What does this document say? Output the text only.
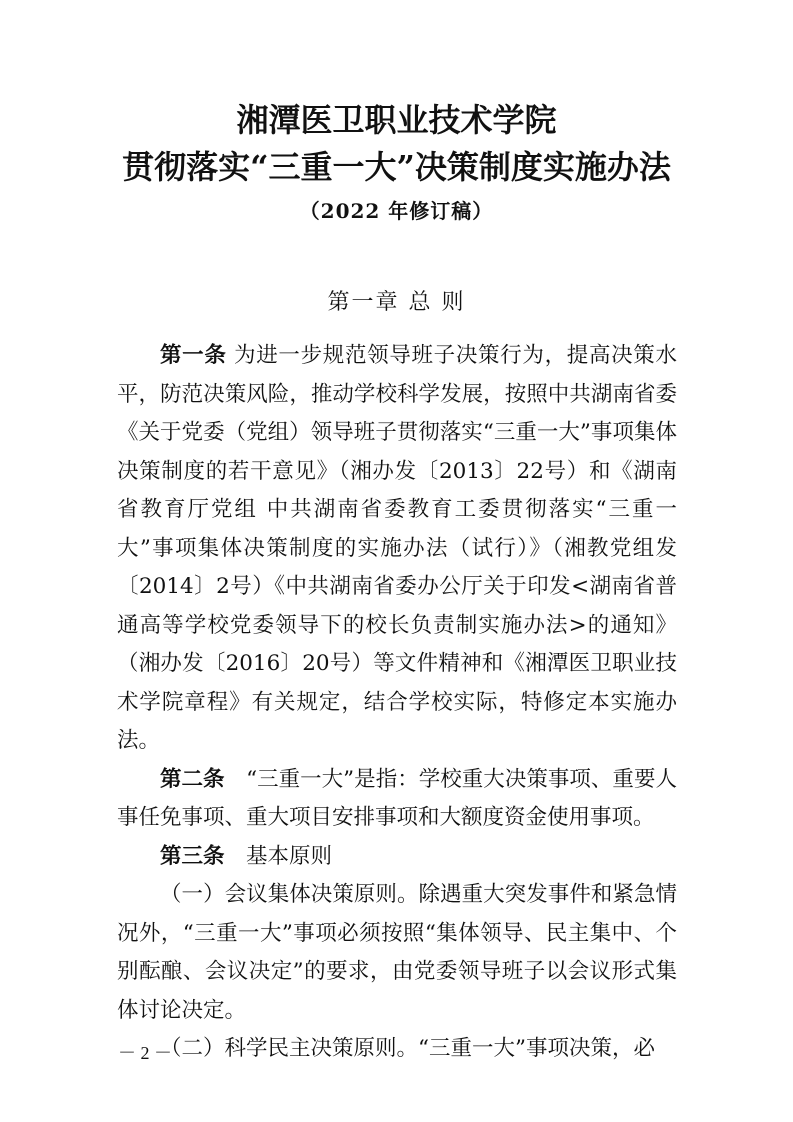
湘潭医卫职业技术学院
贯彻落实“三重一大”决策制度实施办法
（2022 年修订稿）
第一章 总 则

第一条 为进一步规范领导班子决策行为，提高决策水平，防范决策风险，推动学校科学发展，按照中共湖南省委《关于党委（党组）领导班子贯彻落实“三重一大”事项集体决策制度的若干意见》（湘办发〔2013〕22号）和《湖南省教育厅党组 中共湖南省委教育工委贯彻落实“三重一大”事项集体决策制度的实施办法（试行）》（湘教党组发〔2014〕2号）《中共湖南省委办公厅关于印发<湖南省普通高等学校党委领导下的校长负责制实施办法>的通知》（湘办发〔2016〕20号）等文件精神和《湘潭医卫职业技术学院章程》有关规定，结合学校实际，特修定本实施办法。

第二条　“三重一大”是指：学校重大决策事项、重要人事任免事项、重大项目安排事项和大额度资金使用事项。

第三条　基本原则

（一）会议集体决策原则。除遇重大突发事件和紧急情况外，“三重一大”事项必须按照“集体领导、民主集中、个别酝酿、会议决定”的要求，由党委领导班子以会议形式集体讨论决定。

（二）科学民主决策原则。“三重一大”事项决策，必

－ 2 －
